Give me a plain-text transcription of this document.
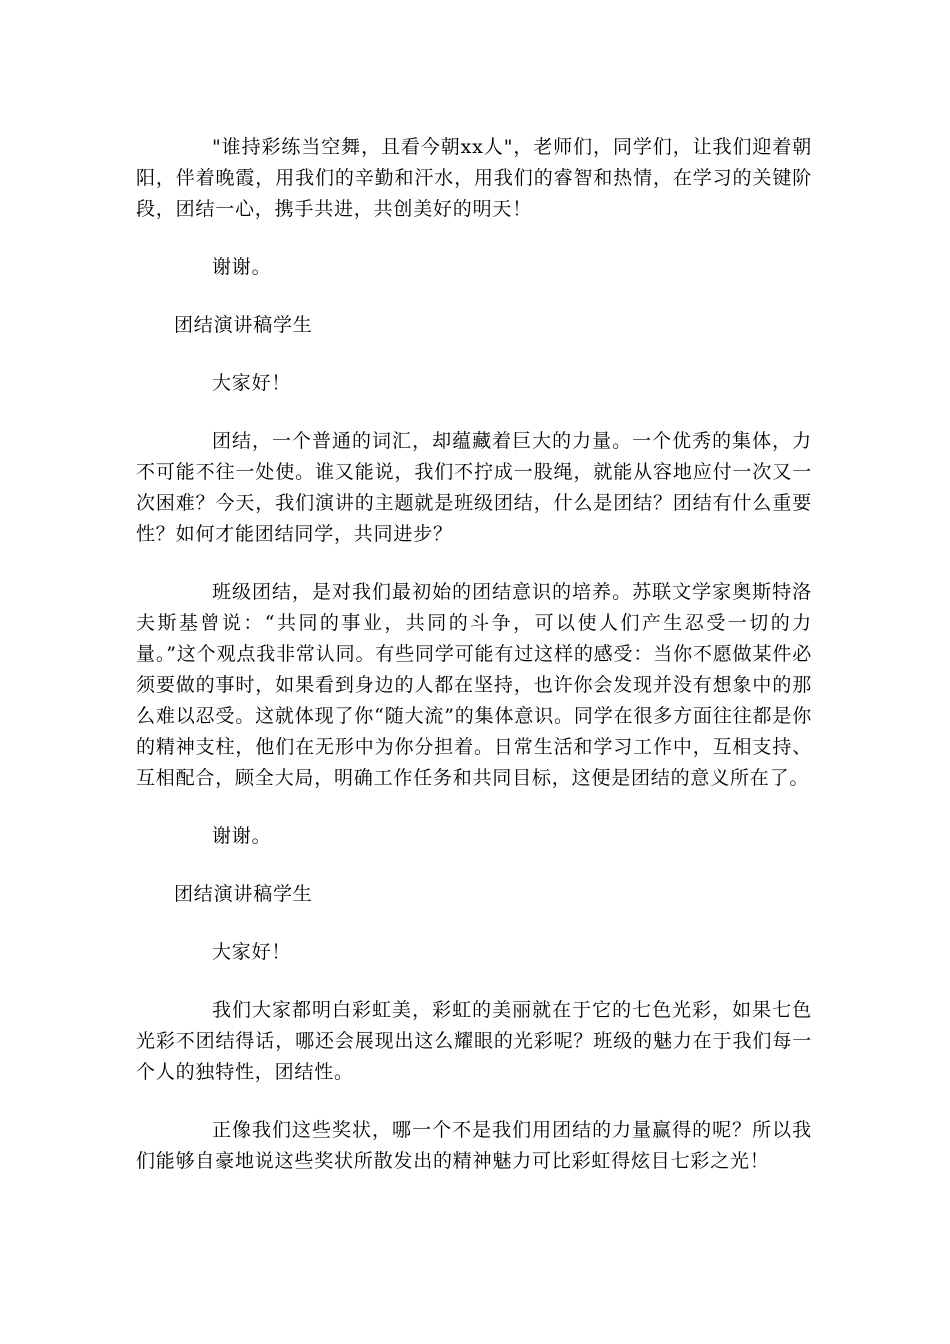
"谁持彩练当空舞，且看今朝xx人"，老师们，同学们，让我们迎着朝阳，伴着晚霞，用我们的辛勤和汗水，用我们的睿智和热情，在学习的关键阶段，团结一心，携手共进，共创美好的明天！

谢谢。

团结演讲稿学生

大家好！

团结，一个普通的词汇，却蕴藏着巨大的力量。一个优秀的集体，力不可能不往一处使。谁又能说，我们不拧成一股绳，就能从容地应付一次又一次困难？今天，我们演讲的主题就是班级团结，什么是团结？团结有什么重要性？如何才能团结同学，共同进步？

班级团结，是对我们最初始的团结意识的培养。苏联文学家奥斯特洛夫斯基曾说：“共同的事业，共同的斗争，可以使人们产生忍受一切的力量。”这个观点我非常认同。有些同学可能有过这样的感受：当你不愿做某件必须要做的事时，如果看到身边的人都在坚持，也许你会发现并没有想象中的那么难以忍受。这就体现了你“随大流”的集体意识。同学在很多方面往往都是你的精神支柱，他们在无形中为你分担着。日常生活和学习工作中，互相支持、互相配合，顾全大局，明确工作任务和共同目标，这便是团结的意义所在了。

谢谢。

团结演讲稿学生

大家好！

我们大家都明白彩虹美，彩虹的美丽就在于它的七色光彩，如果七色光彩不团结得话，哪还会展现出这么耀眼的光彩呢？班级的魅力在于我们每一个人的独特性，团结性。

正像我们这些奖状，哪一个不是我们用团结的力量赢得的呢？所以我们能够自豪地说这些奖状所散发出的精神魅力可比彩虹得炫目七彩之光！
